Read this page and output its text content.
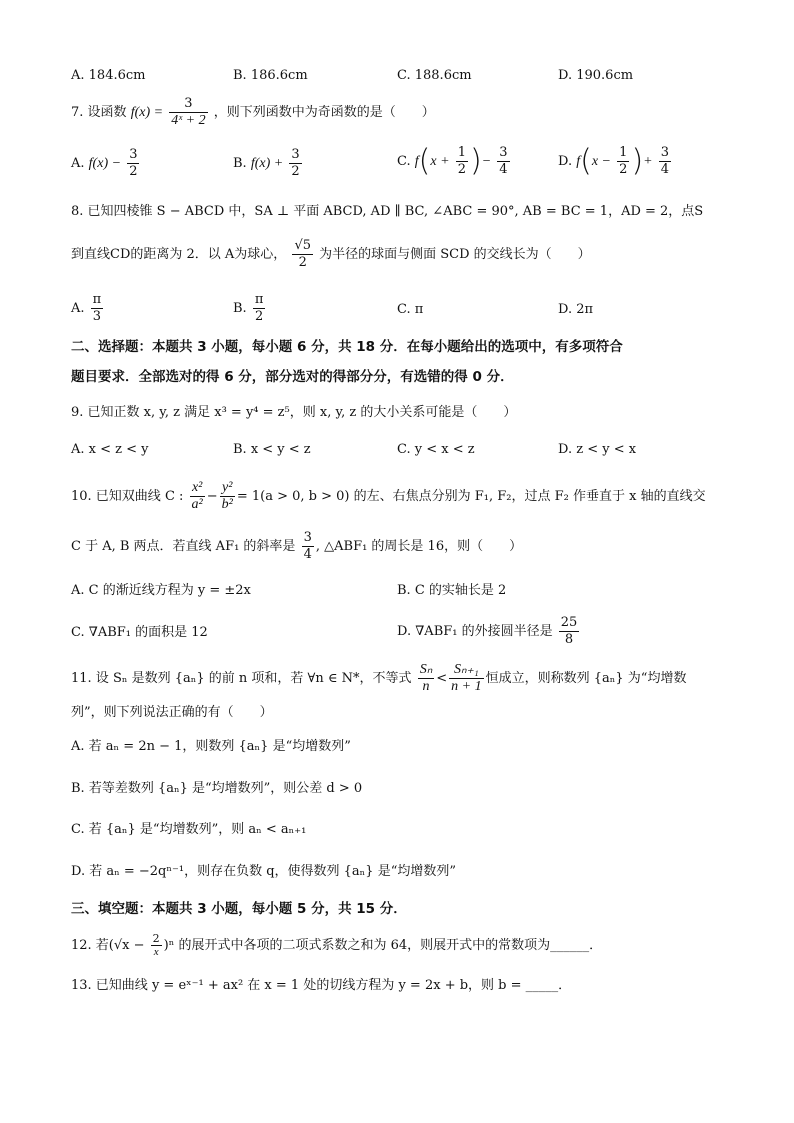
A. 184.6cm	B. 186.6cm	C. 188.6cm	D. 190.6cm
7. 设函数 $f(x) = \frac{3}{\text{4ˣ + 2}}$ ，则下列函数中为奇函数的是（　　）
A. $f(x) - \frac{3}{2}$	B. $f(x) + \frac{3}{2}$	C. $f(x + \frac{1}{2}$ )− $\frac{3}{4}$	D. $f(x - \frac{1}{2}$ )+ $\frac{3}{4}$
8. 已知四棱锥 S − ABCD 中，SA ⊥ 平面 ABCD, AD ∥ BC, ∠ABC = 90°, AB = BC = 1，AD = 2，点S
到直线CD的距离为 2．以 A为球心， $\frac{√5}{2}$ 为半径的球面与侧面 SCD 的交线长为（　　）
A. $\frac{\pi}{3}$	B. $\frac{\pi}{2}$	C. π	D. 2π
二、选择题：本题共 3 小题，每小题 6 分，共 18 分．在每小题给出的选项中，有多项符合
题目要求．全部选对的得 6 分，部分选对的得部分分，有选错的得 0 分．
9. 已知正数 x, y, z 满足 x³ = y⁴ = z⁵，则 x, y, z 的大小关系可能是（　　）
A. x < z < y	B. x < y < z	C. y < x < z	D. z < y < x
10. 已知双曲线 C : $\frac{\text{x²}}{\text{a²}} - \frac{\text{y²}}{\text{b²}} = 1(a > 0$, b > 0) 的左、右焦点分别为 F₁, F₂，过点 F₂ 作垂直于 x 轴的直线交
C 于 A, B 两点．若直线 AF₁ 的斜率是 $\frac{3}{4}$ , △ABF₁ 的周长是 16，则（　　）
A. C 的渐近线方程为 y = ±2x	B. C 的实轴长是 2
C. ∇ABF₁ 的面积是 12	D. ∇ABF₁ 的外接圆半径是 $\frac{25}{8}$
11. 设 Sₙ 是数列 {aₙ} 的前 n 项和，若 ∀n ∈ N*，不等式 $\frac{\text{Sₙ}}{n} < \frac{\text{Sₙ₊₁}}{n + 1}$ 恒成立，则称数列 {aₙ} 为“均增数
列”，则下列说法正确的有（　　）
A. 若 aₙ = 2n − 1，则数列 {aₙ} 是“均增数列”
B. 若等差数列 {aₙ} 是“均增数列”，则公差 d > 0
C. 若 {aₙ} 是“均增数列”，则 aₙ < aₙ₊₁
D. 若 aₙ = −2qⁿ⁻¹，则存在负数 q，使得数列 {aₙ} 是“均增数列”
三、填空题：本题共 3 小题，每小题 5 分，共 15 分．
12. 若$(√x - \frac{2}{x} )^n$ 的展开式中各项的二项式系数之和为 64，则展开式中的常数项为______．
13. 已知曲线 y = eˣ⁻¹ + ax² 在 x = 1 处的切线方程为 y = 2x + b，则 b = _____．
